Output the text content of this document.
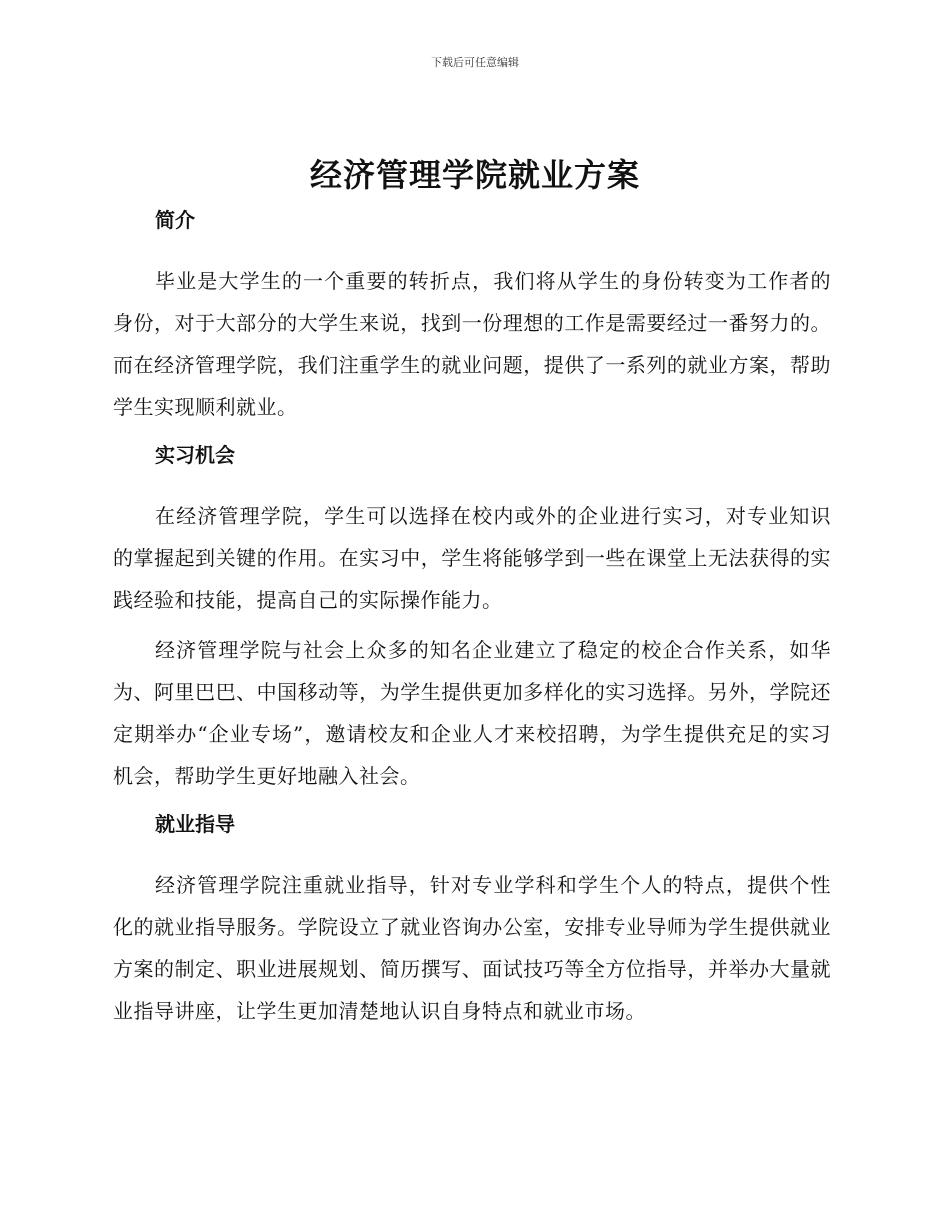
下载后可任意编辑
经济管理学院就业方案
简介

毕业是大学生的一个重要的转折点，我们将从学生的身份转变为工作者的身份，对于大部分的大学生来说，找到一份理想的工作是需要经过一番努力的。而在经济管理学院，我们注重学生的就业问题，提供了一系列的就业方案，帮助学生实现顺利就业。

实习机会

在经济管理学院，学生可以选择在校内或外的企业进行实习，对专业知识的掌握起到关键的作用。在实习中，学生将能够学到一些在课堂上无法获得的实践经验和技能，提高自己的实际操作能力。

经济管理学院与社会上众多的知名企业建立了稳定的校企合作关系，如华为、阿里巴巴、中国移动等，为学生提供更加多样化的实习选择。另外，学院还定期举办“企业专场”，邀请校友和企业人才来校招聘，为学生提供充足的实习机会，帮助学生更好地融入社会。

就业指导

经济管理学院注重就业指导，针对专业学科和学生个人的特点，提供个性化的就业指导服务。学院设立了就业咨询办公室，安排专业导师为学生提供就业方案的制定、职业进展规划、简历撰写、面试技巧等全方位指导，并举办大量就业指导讲座，让学生更加清楚地认识自身特点和就业市场。
